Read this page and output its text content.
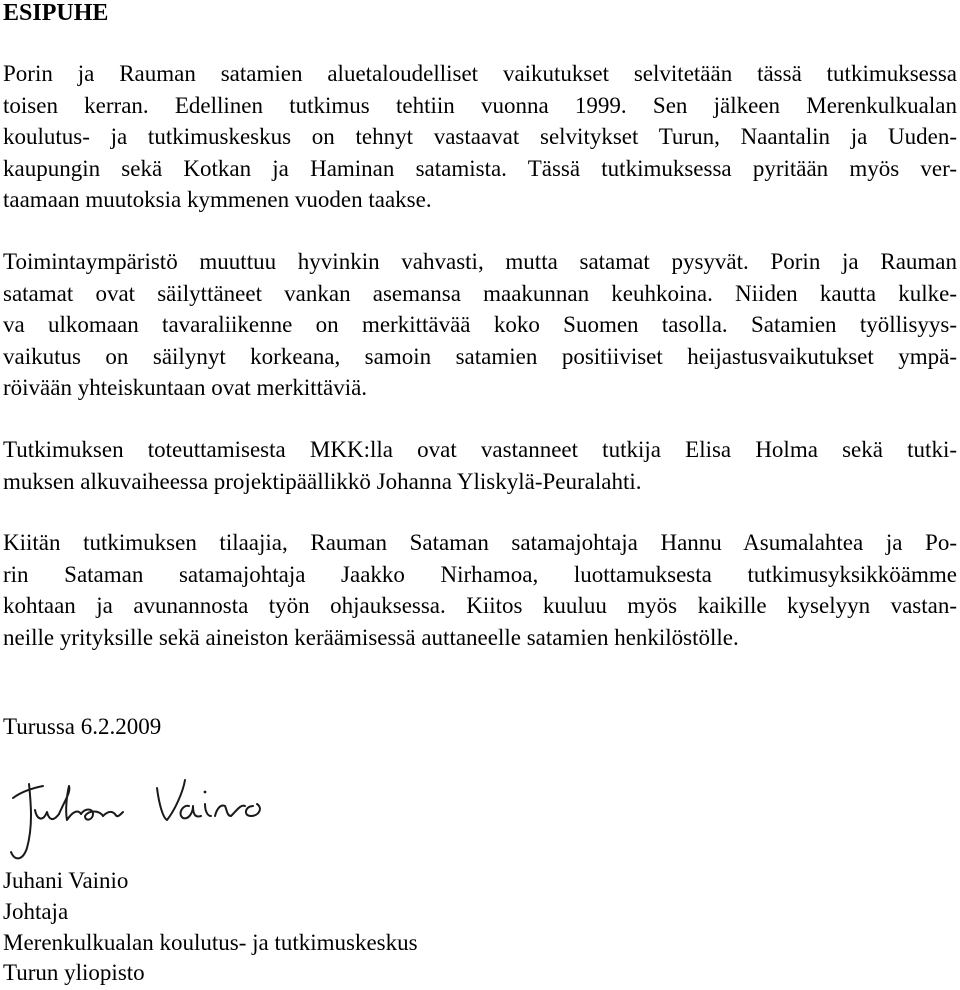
ESIPUHE
Porin ja Rauman satamien aluetaloudelliset vaikutukset selvitetään tässä tutkimuksessa
toisen kerran. Edellinen tutkimus tehtiin vuonna 1999. Sen jälkeen Merenkulkualan
koulutus- ja tutkimuskeskus on tehnyt vastaavat selvitykset Turun, Naantalin ja Uuden-
kaupungin sekä Kotkan ja Haminan satamista. Tässä tutkimuksessa pyritään myös ver-
taamaan muutoksia kymmenen vuoden taakse.
Toimintaympäristö muuttuu hyvinkin vahvasti, mutta satamat pysyvät. Porin ja Rauman
satamat ovat säilyttäneet vankan asemansa maakunnan keuhkoina. Niiden kautta kulke-
va ulkomaan tavaraliikenne on merkittävää koko Suomen tasolla. Satamien työllisyys-
vaikutus on säilynyt korkeana, samoin satamien positiiviset heijastusvaikutukset ympä-
röivään yhteiskuntaan ovat merkittäviä.
Tutkimuksen toteuttamisesta MKK:lla ovat vastanneet tutkija Elisa Holma sekä tutki-
muksen alkuvaiheessa projektipäällikkö Johanna Yliskylä-Peuralahti.
Kiitän tutkimuksen tilaajia, Rauman Sataman satamajohtaja Hannu Asumalahtea ja Po-
rin Sataman satamajohtaja Jaakko Nirhamoa, luottamuksesta tutkimusyksikköämme
kohtaan ja avunannosta työn ohjauksessa. Kiitos kuuluu myös kaikille kyselyyn vastan-
neille yrityksille sekä aineiston keräämisessä auttaneelle satamien henkilöstölle.

Turussa 6.2.2009

Juhani Vainio

Johtaja

Merenkulkualan koulutus- ja tutkimuskeskus

Turun yliopisto
